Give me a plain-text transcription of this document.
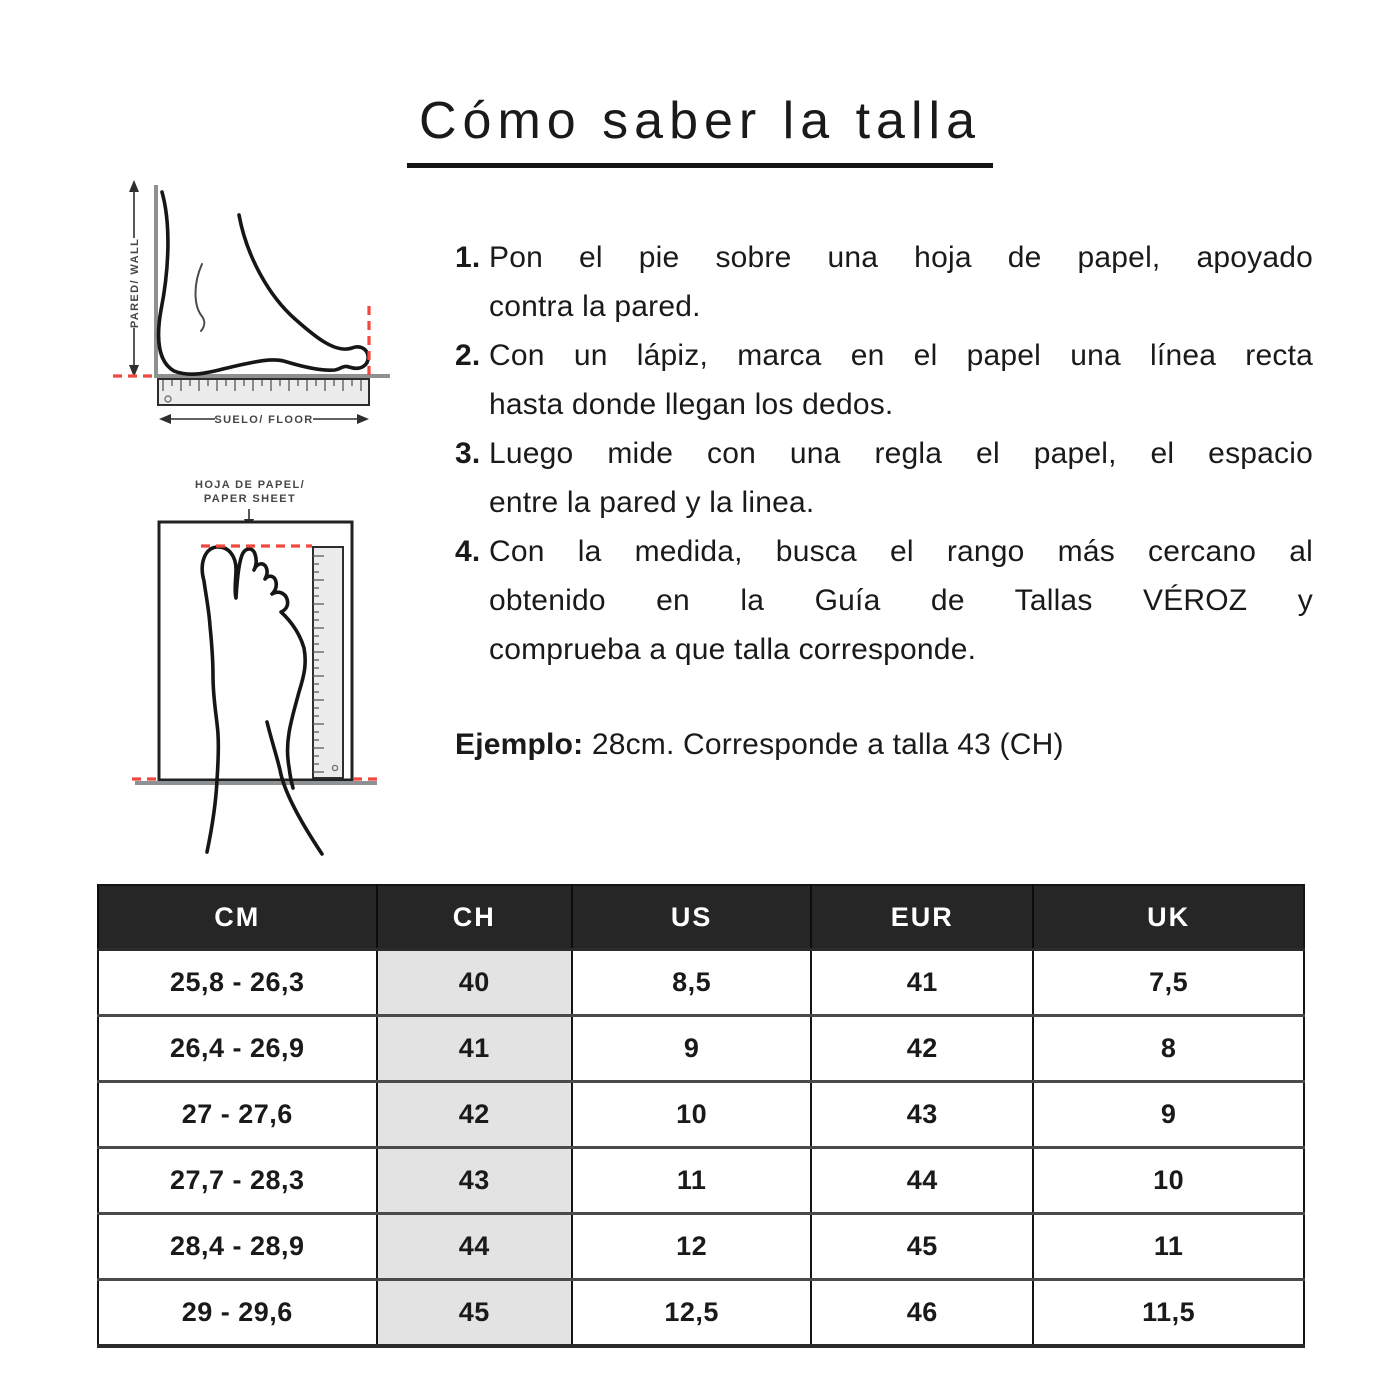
Cómo saber la talla
PARED/ WALL
SUELO/ FLOOR
HOJA DE PAPEL/
PAPER SHEET
1. Pon el pie sobre una hoja de papel, apoyado
contra la pared.
2. Con un lápiz, marca en el papel una línea recta
hasta donde llegan los dedos.
3. Luego mide con una regla el papel, el espacio
entre la pared y la linea.
4. Con la medida, busca el rango más cercano al
obtenido en la Guía de Tallas VÉROZ y
comprueba a que talla corresponde.

Ejemplo: 28cm. Corresponde a talla 43 (CH)

CM	CH	US	EUR	UK
25,8 - 26,3	40	8,5	41	7,5
26,4 - 26,9	41	9	42	8
27 - 27,6	42	10	43	9
27,7 - 28,3	43	11	44	10
28,4 - 28,9	44	12	45	11
29 - 29,6	45	12,5	46	11,5
